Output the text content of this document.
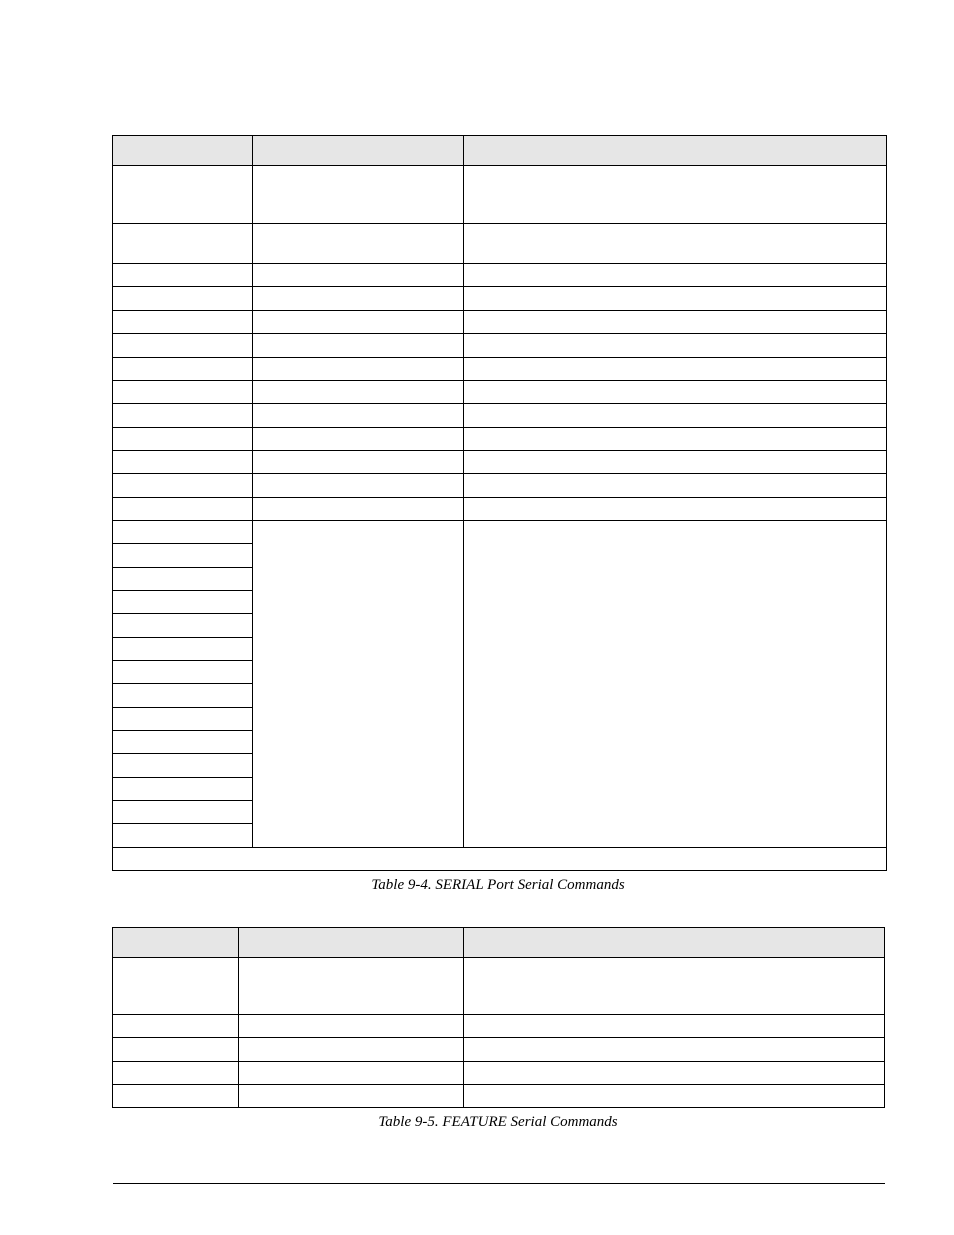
Table 9-4. SERIAL Port Serial Commands

Table 9-5. FEATURE Serial Commands
